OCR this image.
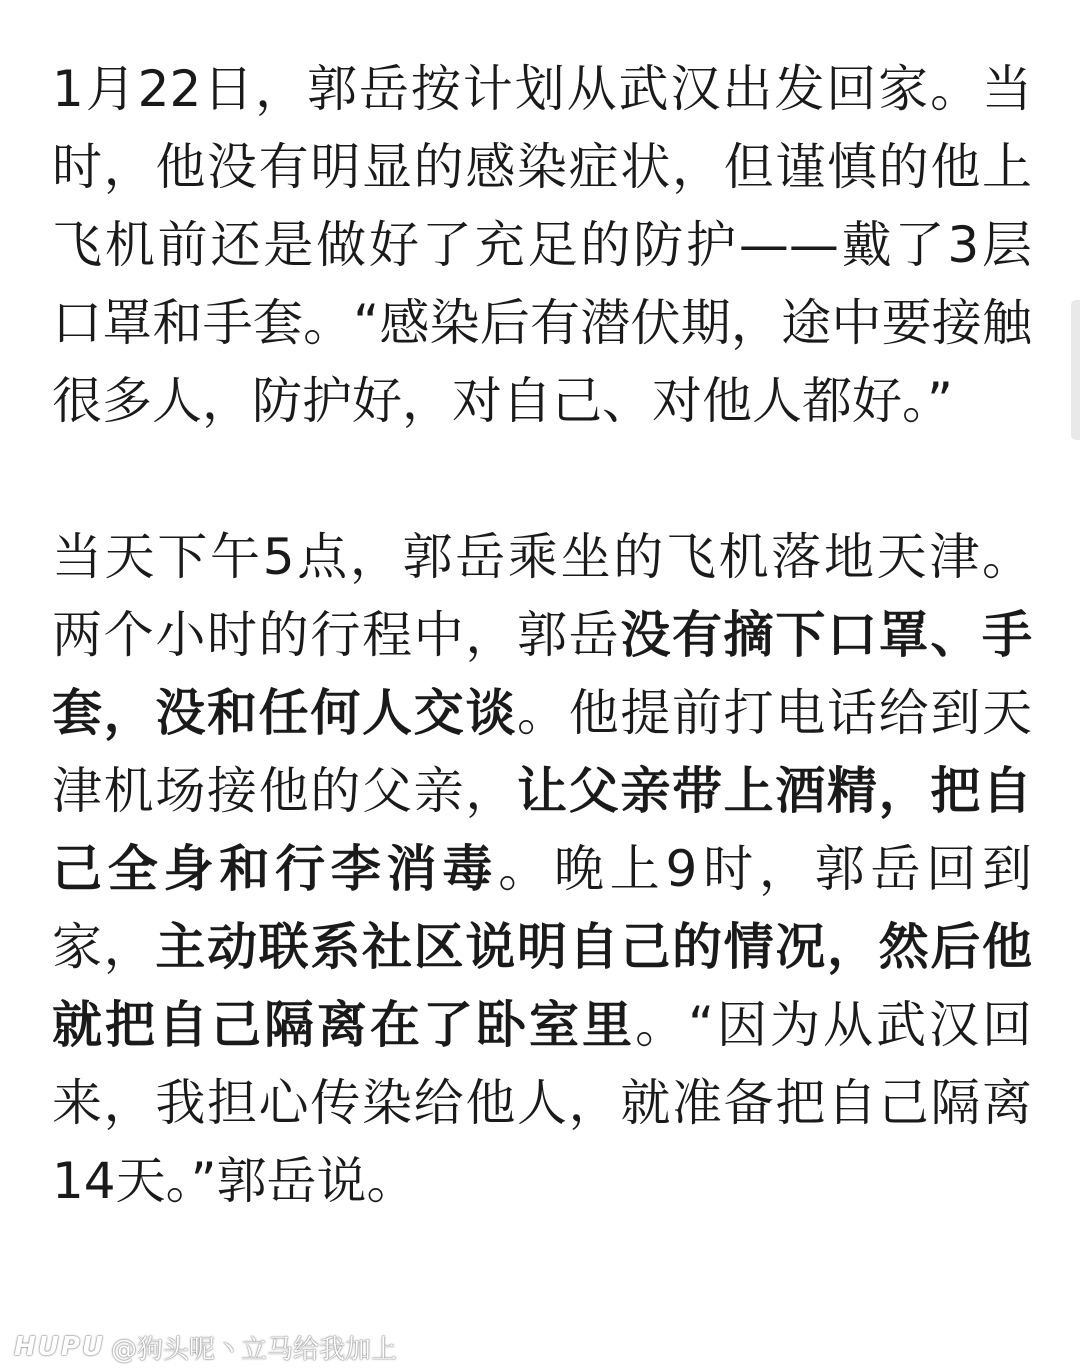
1月22日，郭岳按计划从武汉出发回家。当时，他没有明显的感染症状，但谨慎的他上飞机前还是做好了充足的防护——戴了3层口罩和手套。“感染后有潜伏期，途中要接触很多人，防护好，对自己、对他人都好。”

当天下午5点，郭岳乘坐的飞机落地天津。两个小时的行程中，郭岳没有摘下口罩、手套，没和任何人交谈。他提前打电话给到天津机场接他的父亲，让父亲带上酒精，把自己全身和行李消毒。晚上9时，郭岳回到家，主动联系社区说明自己的情况，然后他就把自己隔离在了卧室里。“因为从武汉回来，我担心传染给他人，就准备把自己隔离14天。”郭岳说。

HUPU @狗头呢丶立马给我加上
